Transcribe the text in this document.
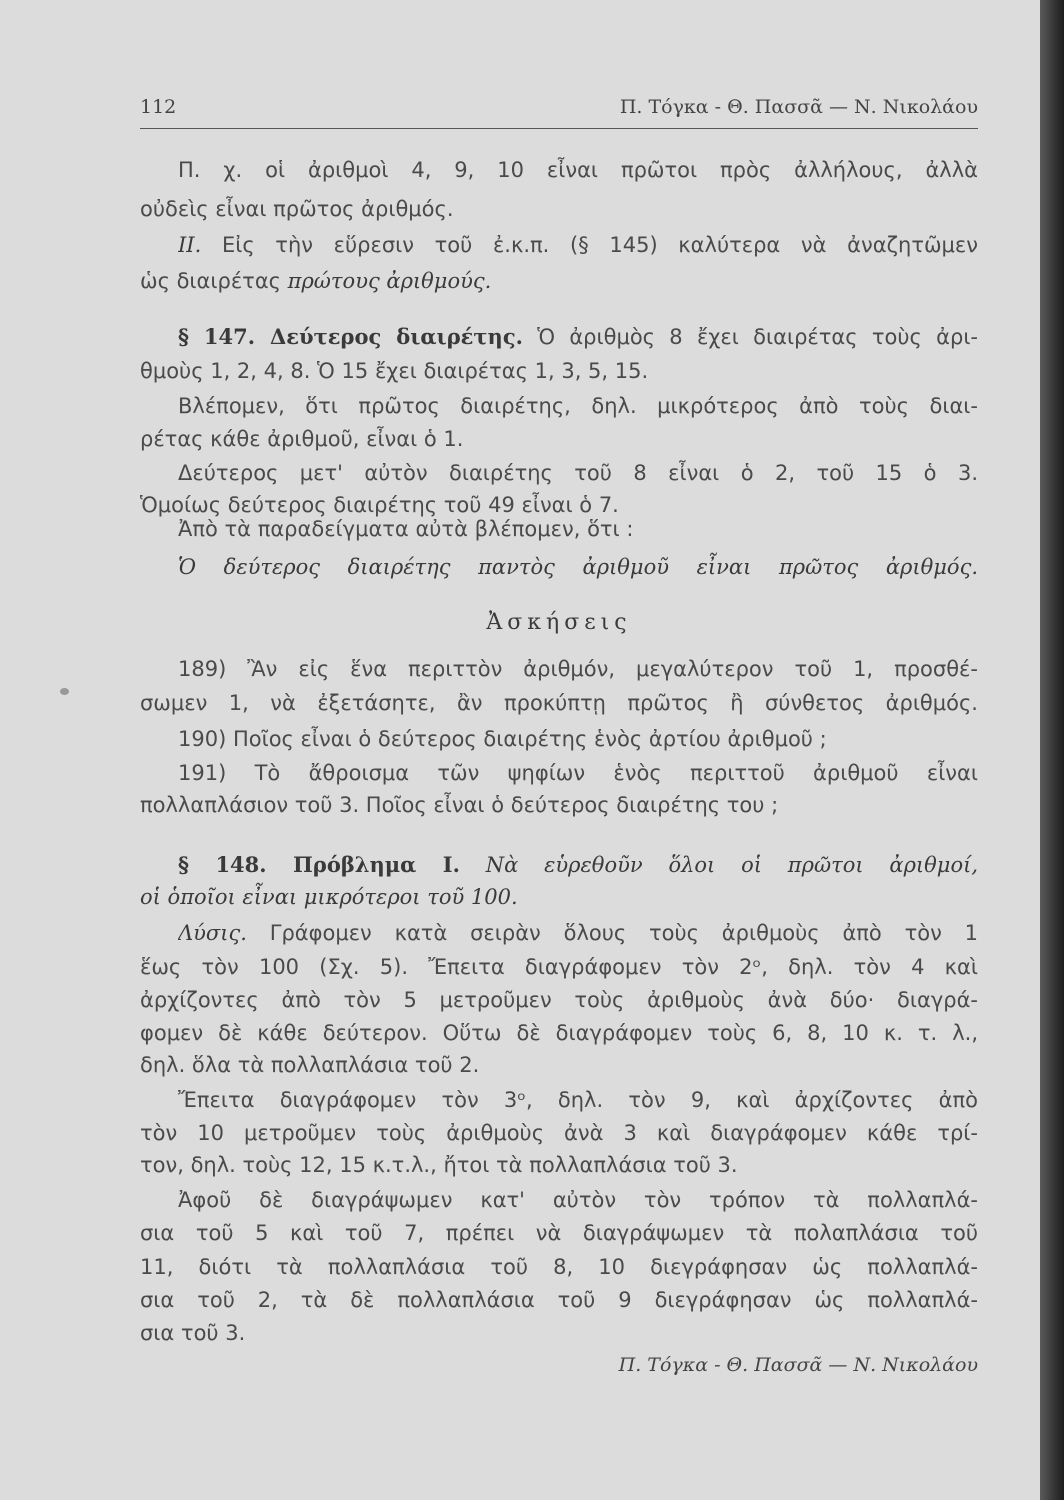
112	Π. Τόγκα - Θ. Πασσᾶ — Ν. Νικολάου
Π. χ. οἱ ἀριθμοὶ 4, 9, 10 εἶναι πρῶτοι πρὸς ἀλλήλους, ἀλλὰ
οὐδεὶς εἶναι πρῶτος ἀριθμός.
ΙΙ. Εἰς τὴν εὕρεσιν τοῦ ἐ.κ.π. (§ 145) καλύτερα νὰ ἀναζητῶμεν
ὡς διαιρέτας πρώτους ἀριθμούς.
§ 147. Δεύτερος διαιρέτης. Ὁ ἀριθμὸς 8 ἔχει διαιρέτας τοὺς ἀρι-
θμοὺς 1, 2, 4, 8. Ὁ 15 ἔχει διαιρέτας 1, 3, 5, 15.
Βλέπομεν, ὅτι πρῶτος διαιρέτης, δηλ. μικρότερος ἀπὸ τοὺς διαι-
ρέτας κάθε ἀριθμοῦ, εἶναι ὁ 1.
Δεύτερος μετ' αὐτὸν διαιρέτης τοῦ 8 εἶναι ὁ 2, τοῦ 15 ὁ 3.
Ὁμοίως δεύτερος διαιρέτης τοῦ 49 εἶναι ὁ 7.
Ἀπὸ τὰ παραδείγματα αὐτὰ βλέπομεν, ὅτι :
Ὁ δεύτερος διαιρέτης παντὸς ἀριθμοῦ εἶναι πρῶτος ἀριθμός.
Ἀσκήσεις
189) Ἂν εἰς ἕνα περιττὸν ἀριθμόν, μεγαλύτερον τοῦ 1, προσθέ-
σωμεν 1, νὰ ἐξετάσητε, ἂν προκύπτῃ πρῶτος ἢ σύνθετος ἀριθμός.
190) Ποῖος εἶναι ὁ δεύτερος διαιρέτης ἑνὸς ἀρτίου ἀριθμοῦ ;
191) Τὸ ἄθροισμα τῶν ψηφίων ἑνὸς περιττοῦ ἀριθμοῦ εἶναι
πολλαπλάσιον τοῦ 3. Ποῖος εἶναι ὁ δεύτερος διαιρέτης του ;
§ 148. Πρόβλημα Ι. Νὰ εὑρεθοῦν ὅλοι οἱ πρῶτοι ἀριθμοί,
οἱ ὁποῖοι εἶναι μικρότεροι τοῦ 100.
Λύσις. Γράφομεν κατὰ σειρὰν ὅλους τοὺς ἀριθμοὺς ἀπὸ τὸν 1
ἕως τὸν 100 (Σχ. 5). Ἔπειτα διαγράφομεν τὸν 2ᵒ, δηλ. τὸν 4 καὶ
ἀρχίζοντες ἀπὸ τὸν 5 μετροῦμεν τοὺς ἀριθμοὺς ἀνὰ δύο· διαγρά-
φομεν δὲ κάθε δεύτερον. Οὕτω δὲ διαγράφομεν τοὺς 6, 8, 10 κ. τ. λ.,
δηλ. ὅλα τὰ πολλαπλάσια τοῦ 2.
Ἔπειτα διαγράφομεν τὸν 3ᵒ, δηλ. τὸν 9, καὶ ἀρχίζοντες ἀπὸ
τὸν 10 μετροῦμεν τοὺς ἀριθμοὺς ἀνὰ 3 καὶ διαγράφομεν κάθε τρί-
τον, δηλ. τοὺς 12, 15 κ.τ.λ., ἤτοι τὰ πολλαπλάσια τοῦ 3.
Ἀφοῦ δὲ διαγράψωμεν κατ' αὐτὸν τὸν τρόπον τὰ πολλαπλά-
σια τοῦ 5 καὶ τοῦ 7, πρέπει νὰ διαγράψωμεν τὰ πολαπλάσια τοῦ
11, διότι τὰ πολλαπλάσια τοῦ 8, 10 διεγράφησαν ὡς πολλαπλά-
σια τοῦ 2, τὰ δὲ πολλαπλάσια τοῦ 9 διεγράφησαν ὡς πολλαπλά-
σια τοῦ 3.
Π. Τόγκα - Θ. Πασσᾶ — Ν. Νικολάου
